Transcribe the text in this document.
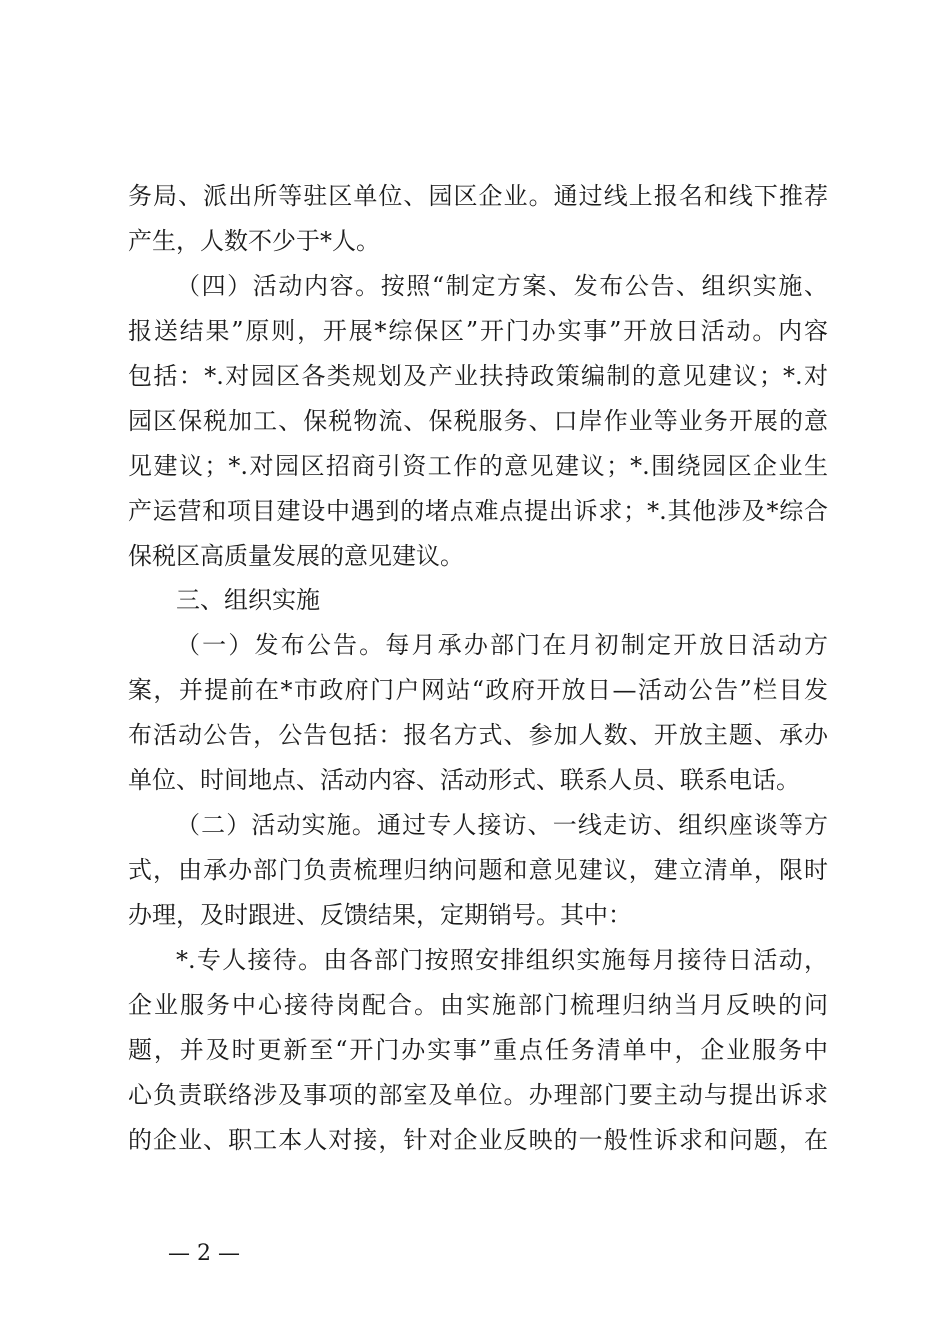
务局、派出所等驻区单位、园区企业。通过线上报名和线下推荐
产生，人数不少于*人。
（四）活动内容。按照“制定方案、发布公告、组织实施、
报送结果”原则，开展*综保区”开门办实事”开放日活动。内容
包括：*.对园区各类规划及产业扶持政策编制的意见建议；*.对
园区保税加工、保税物流、保税服务、口岸作业等业务开展的意
见建议；*.对园区招商引资工作的意见建议；*.围绕园区企业生
产运营和项目建设中遇到的堵点难点提出诉求；*.其他涉及*综合
保税区高质量发展的意见建议。
三、组织实施
（一）发布公告。每月承办部门在月初制定开放日活动方
案，并提前在*市政府门户网站“政府开放日—活动公告”栏目发
布活动公告，公告包括：报名方式、参加人数、开放主题、承办
单位、时间地点、活动内容、活动形式、联系人员、联系电话。
（二）活动实施。通过专人接访、一线走访、组织座谈等方
式，由承办部门负责梳理归纳问题和意见建议，建立清单，限时
办理，及时跟进、反馈结果，定期销号。其中：
*.专人接待。由各部门按照安排组织实施每月接待日活动，
企业服务中心接待岗配合。由实施部门梳理归纳当月反映的问
题，并及时更新至“开门办实事”重点任务清单中，企业服务中
心负责联络涉及事项的部室及单位。办理部门要主动与提出诉求
的企业、职工本人对接，针对企业反映的一般性诉求和问题，在
— 2 —
